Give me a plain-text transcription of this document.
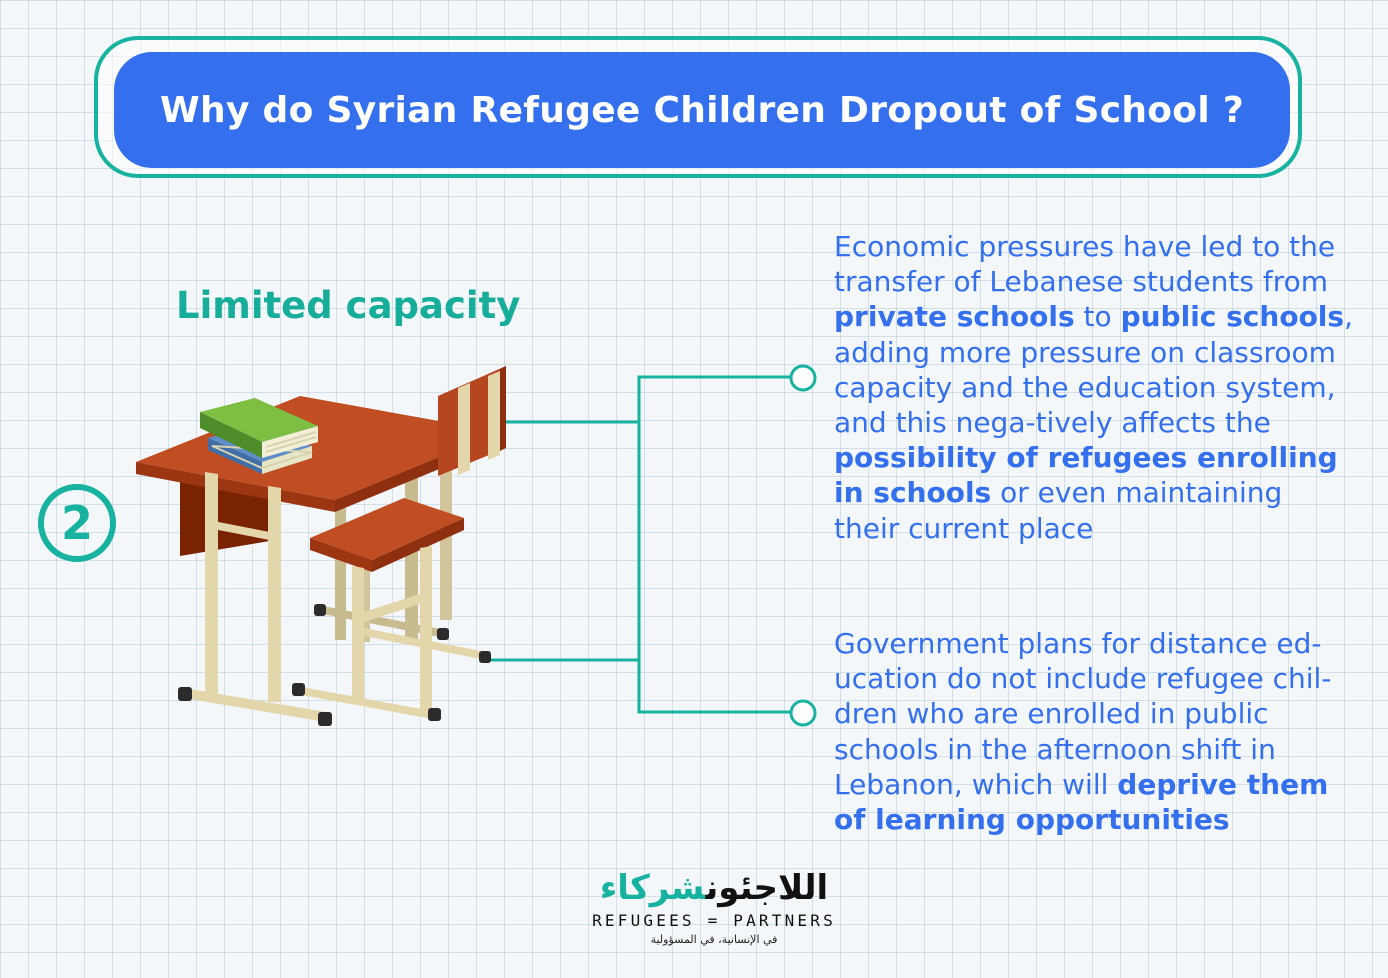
Why do Syrian Refugee Children Dropout of School ?
Limited capacity
2
Economic pressures have led to the transfer of Lebanese students from private schools to public schools, adding more pressure on classroom capacity and the education system, and this nega-tively affects the possibility of refugees enrolling in schools or even maintaining their current place
Government plans for distance ed-ucation do not include refugee chil-dren who are enrolled in public schools in the afternoon shift in Lebanon, which will deprive them of learning opportunities
اللاجئونشركاء
REFUGEES = PARTNERS
في الإنسانية، في المسؤولية
